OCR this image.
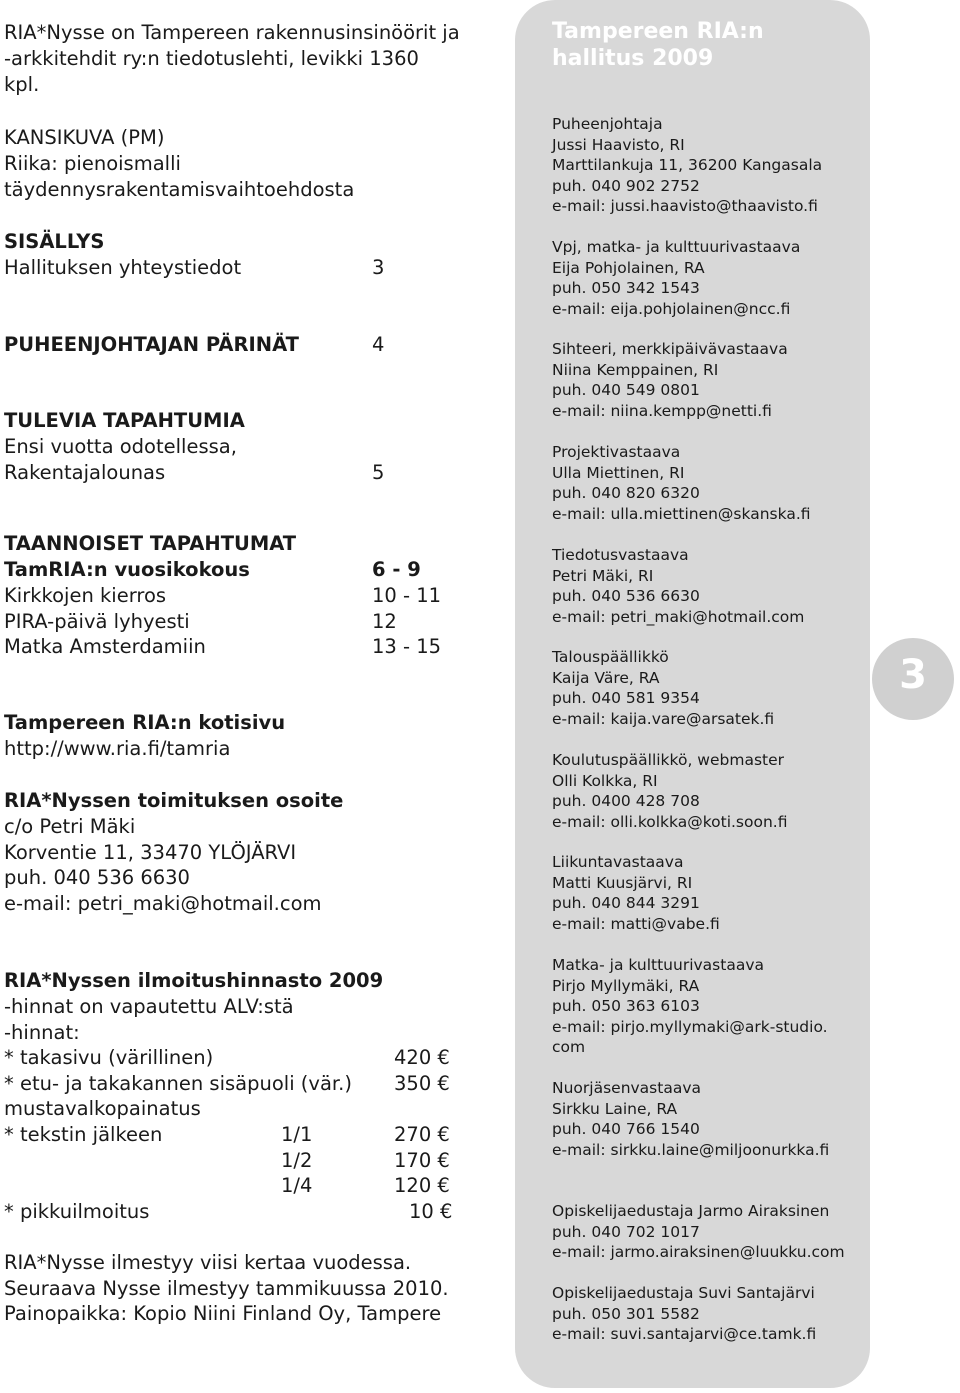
RIA*Nysse on Tampereen rakennusinsinöörit ja
-arkkitehdit ry:n tiedotuslehti, levikki 1360
kpl.
KANSIKUVA (PM)
Riika: pienoismalli
täydennysrakentamisvaihtoehdosta
SISÄLLYS
Hallituksen yhteystiedot	3
PUHEENJOHTAJAN PÄRINÄT	4
TULEVIA TAPAHTUMIA
Ensi vuotta odotellessa,
Rakentajalounas	5
TAANNOISET TAPAHTUMAT
TamRIA:n vuosikokous	6 - 9
Kirkkojen kierros	10 - 11
PIRA-päivä lyhyesti	12
Matka Amsterdamiin	13 - 15
Tampereen RIA:n kotisivu
http://www.ria.fi/tamria
RIA*Nyssen toimituksen osoite
c/o Petri Mäki
Korventie 11, 33470 YLÖJÄRVI
puh. 040 536 6630
e-mail: petri_maki@hotmail.com
RIA*Nyssen ilmoitushinnasto 2009
-hinnat on vapautettu ALV:stä
-hinnat:
* takasivu (värillinen)	420 €
* etu- ja takakannen sisäpuoli (vär.) 350 €
mustavalkopainatus
* tekstin jälkeen	1/1	270 €
1/2	170 €
1/4	120 €
* pikkuilmoitus	10 €
RIA*Nysse ilmestyy viisi kertaa vuodessa.
Seuraava Nysse ilmestyy tammikuussa 2010.
Painopaikka: Kopio Niini Finland Oy, Tampere
Tampereen RIA:n hallitus 2009
Puheenjohtaja
Jussi Haavisto, RI
Marttilankuja 11, 36200 Kangasala
puh. 040 902 2752
e-mail: jussi.haavisto@thaavisto.fi
Vpj, matka- ja kulttuurivastaava
Eija Pohjolainen, RA
puh. 050 342 1543
e-mail: eija.pohjolainen@ncc.fi
Sihteeri, merkkipäivävastaava
Niina Kemppainen, RI
puh. 040 549 0801
e-mail: niina.kempp@netti.fi
Projektivastaava
Ulla Miettinen, RI
puh. 040 820 6320
e-mail: ulla.miettinen@skanska.fi
Tiedotusvastaava
Petri Mäki, RI
puh. 040 536 6630
e-mail: petri_maki@hotmail.com
Talouspäällikkö
Kaija Väre, RA
puh. 040 581 9354
e-mail: kaija.vare@arsatek.fi
Koulutuspäällikkö, webmaster
Olli Kolkka, RI
puh. 0400 428 708
e-mail: olli.kolkka@koti.soon.fi
Liikuntavastaava
Matti Kuusjärvi, RI
puh. 040 844 3291
e-mail: matti@vabe.fi
Matka- ja kulttuurivastaava
Pirjo Myllymäki, RA
puh. 050 363 6103
e-mail: pirjo.myllymaki@ark-studio.
com
Nuorjäsenvastaava
Sirkku Laine, RA
puh. 040 766 1540
e-mail: sirkku.laine@miljoonurkka.fi
Opiskelijaedustaja Jarmo Airaksinen
puh. 040 702 1017
e-mail: jarmo.airaksinen@luukku.com
Opiskelijaedustaja Suvi Santajärvi
puh. 050 301 5582
e-mail: suvi.santajarvi@ce.tamk.fi
3
